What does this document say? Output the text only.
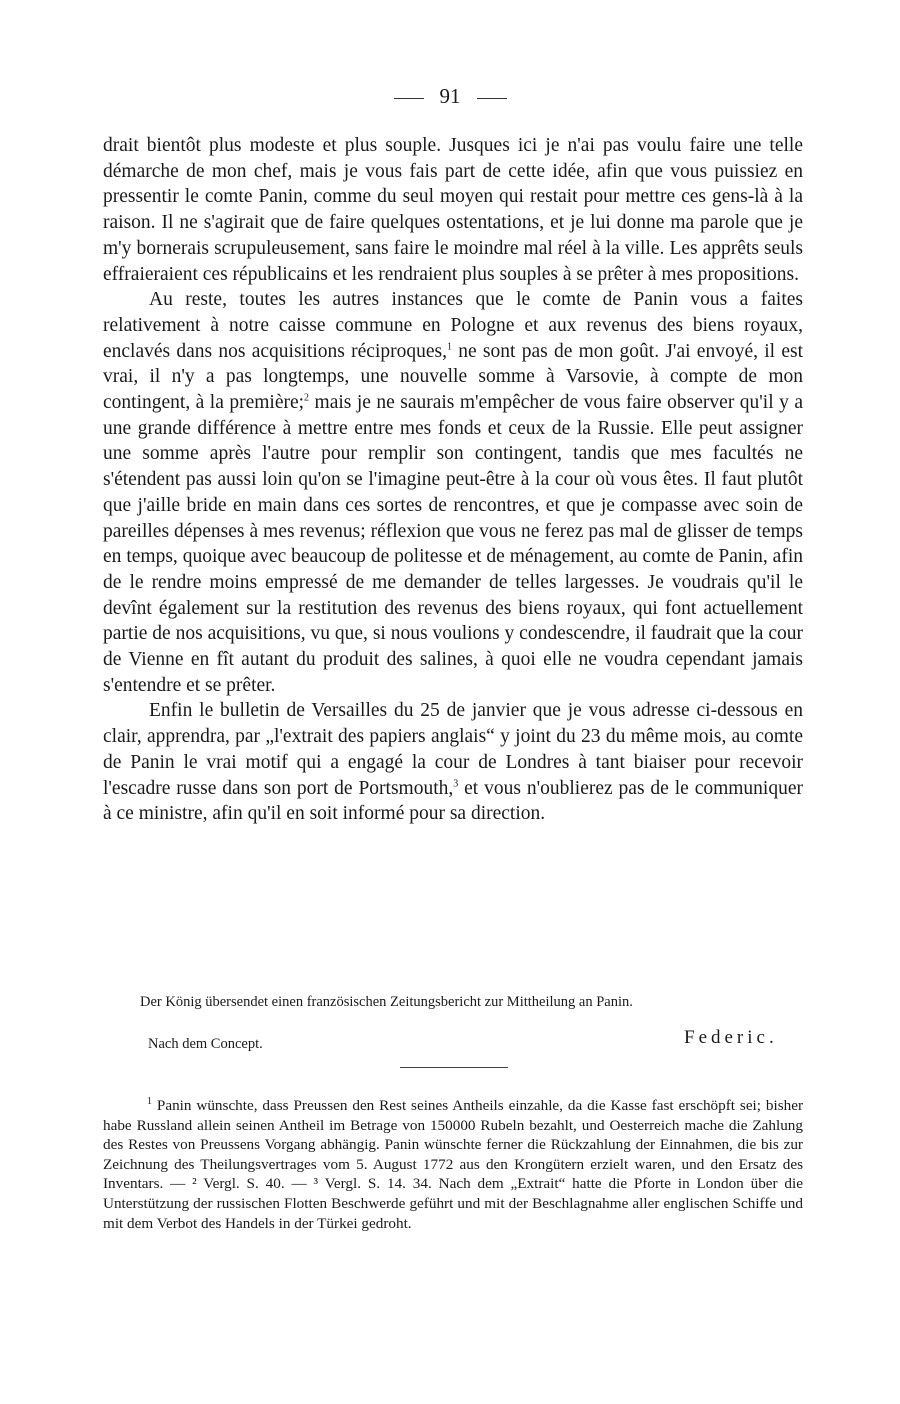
91

drait bientôt plus modeste et plus souple. Jusques ici je n'ai pas voulu faire une telle démarche de mon chef, mais je vous fais part de cette idée, afin que vous puissiez en pressentir le comte Panin, comme du seul moyen qui restait pour mettre ces gens-là à la raison. Il ne s'agirait que de faire quelques ostentations, et je lui donne ma parole que je m'y bornerais scrupuleusement, sans faire le moindre mal réel à la ville. Les apprêts seuls effraieraient ces républicains et les rendraient plus souples à se prêter à mes propositions.

Au reste, toutes les autres instances que le comte de Panin vous a faites relativement à notre caisse commune en Pologne et aux revenus des biens royaux, enclavés dans nos acquisitions réciproques,$^1$ ne sont pas de mon goût. J'ai envoyé, il est vrai, il n'y a pas longtemps, une nouvelle somme à Varsovie, à compte de mon contingent, à la première;$^2$ mais je ne saurais m'empêcher de vous faire observer qu'il y a une grande différence à mettre entre mes fonds et ceux de la Russie. Elle peut assigner une somme après l'autre pour remplir son contingent, tandis que mes facultés ne s'étendent pas aussi loin qu'on se l'imagine peut-être à la cour où vous êtes. Il faut plutôt que j'aille bride en main dans ces sortes de rencontres, et que je compasse avec soin de pareilles dépenses à mes revenus; réflexion que vous ne ferez pas mal de glisser de temps en temps, quoique avec beaucoup de politesse et de ménagement, au comte de Panin, afin de le rendre moins empressé de me demander de telles largesses. Je voudrais qu'il le devînt également sur la restitution des revenus des biens royaux, qui font actuellement partie de nos acquisitions, vu que, si nous voulions y condescendre, il faudrait que la cour de Vienne en fît autant du produit des salines, à quoi elle ne voudra cependant jamais s'entendre et se prêter.

Enfin le bulletin de Versailles du 25 de janvier que je vous adresse ci-dessous en clair, apprendra, par „l'extrait des papiers anglais“ y joint du 23 du même mois, au comte de Panin le vrai motif qui a engagé la cour de Londres à tant biaiser pour recevoir l'escadre russe dans son port de Portsmouth,$^3$ et vous n'oublierez pas de le communiquer à ce ministre, afin qu'il en soit informé pour sa direction.

Der König übersendet einen französischen Zeitungsbericht zur Mittheilung an Panin.
Nach dem Concept.	Federic.

$^1$ Panin wünschte, dass Preussen den Rest seines Antheils einzahle, da die Kasse fast erschöpft sei; bisher habe Russland allein seinen Antheil im Betrage von 150000 Rubeln bezahlt, und Oesterreich mache die Zahlung des Restes von Preussens Vorgang abhängig. Panin wünschte ferner die Rückzahlung der Einnahmen, die bis zur Zeichnung des Theilungsvertrages vom 5. August 1772 aus den Krongütern erzielt waren, und den Ersatz des Inventars. — ² Vergl. S. 40. — ³ Vergl. S. 14. 34. Nach dem „Extrait“ hatte die Pforte in London über die Unterstützung der russischen Flotten Beschwerde geführt und mit der Beschlagnahme aller englischen Schiffe und mit dem Verbot des Handels in der Türkei gedroht.
